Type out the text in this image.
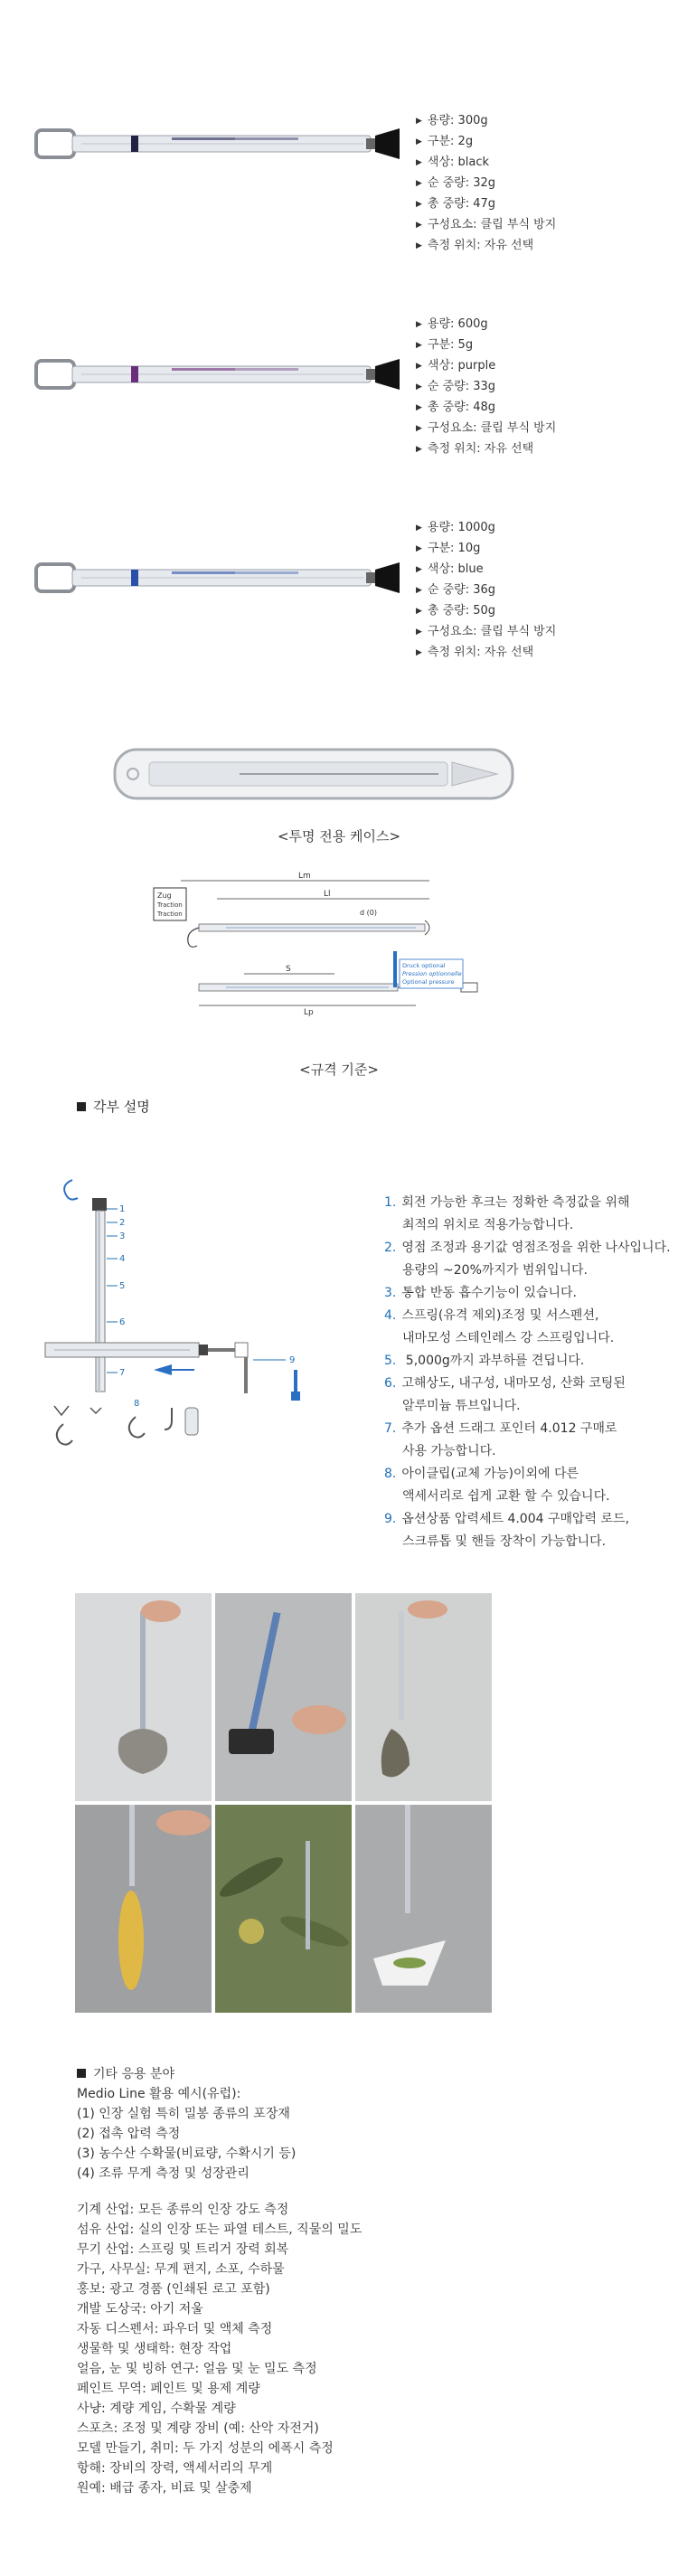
▶ 용량: 300g
▶ 구분: 2g
▶ 색상: black
▶ 순 중량: 32g
▶ 총 중량: 47g
▶ 구성요소: 클립 부식 방지
▶ 측정 위치: 자유 선택
▶ 용량: 600g
▶ 구분: 5g
▶ 색상: purple
▶ 순 중량: 33g
▶ 총 중량: 48g
▶ 구성요소: 클립 부식 방지
▶ 측정 위치: 자유 선택
▶ 용량: 1000g
▶ 구분: 10g
▶ 색상: blue
▶ 순 중량: 36g
▶ 총 중량: 50g
▶ 구성요소: 클립 부식 방지
▶ 측정 위치: 자유 선택
<투명 전용 케이스>
Zug
Traction
Traction
Lm
Ll
d (0)
S	Druck optional
Pression optionnelle
Optional pressure
Lp
<규격 기준>
각부 설명
1
2
3
4
5
6
7
8
9
1. 회전 가능한 후크는 정확한 측정값을 위해
최적의 위치로 적용가능합니다.
2. 영점 조정과 용기값 영점조정을 위한 나사입니다.
용량의 ~20%까지가 범위입니다.
3. 통합 반동 흡수기능이 있습니다.
4. 스프링(유격 제외)조정 및 서스펜션,
내마모성 스테인레스 강 스프링입니다.
5. 5,000g까지 과부하를 견딥니다.
6. 고해상도, 내구성, 내마모성, 산화 코팅된
알루미늄 튜브입니다.
7. 추가 옵션 드래그 포인터 4.012 구매로
사용 가능합니다.
8. 아이클립(교체 가능)이외에 다른
액세서리로 쉽게 교환 할 수 있습니다.
9. 옵션상품 압력세트 4.004 구매압력 로드,
스크류톱 및 핸들 장착이 가능합니다.

기타 응용 분야

Medio Line 활용 예시(유럽):

(1) 인장 실험 특히 밀봉 종류의 포장재

(2) 접촉 압력 측정

(3) 농수산 수확물(비료량, 수확시기 등)

(4) 조류 무게 측정 및 성장관리

기계 산업: 모든 종류의 인장 강도 측정

섬유 산업: 실의 인장 또는 파열 테스트, 직물의 밀도

무기 산업: 스프링 및 트리거 장력 회복

가구, 사무실: 무게 편지, 소포, 수하물

홍보: 광고 경품 (인쇄된 로고 포함)

개발 도상국: 아기 저울

자동 디스펜서: 파우더 및 액체 측정

생물학 및 생태학: 현장 작업

얼음, 눈 및 빙하 연구: 얼음 및 눈 밀도 측정

페인트 무역: 페인트 및 용제 계량

사냥: 계량 게임, 수확물 계량

스포츠: 조정 및 계량 장비 (예: 산악 자전거)

모델 만들기, 취미: 두 가지 성분의 에폭시 측정

항해: 장비의 장력, 액세서리의 무게

원예: 배급 종자, 비료 및 살충제
